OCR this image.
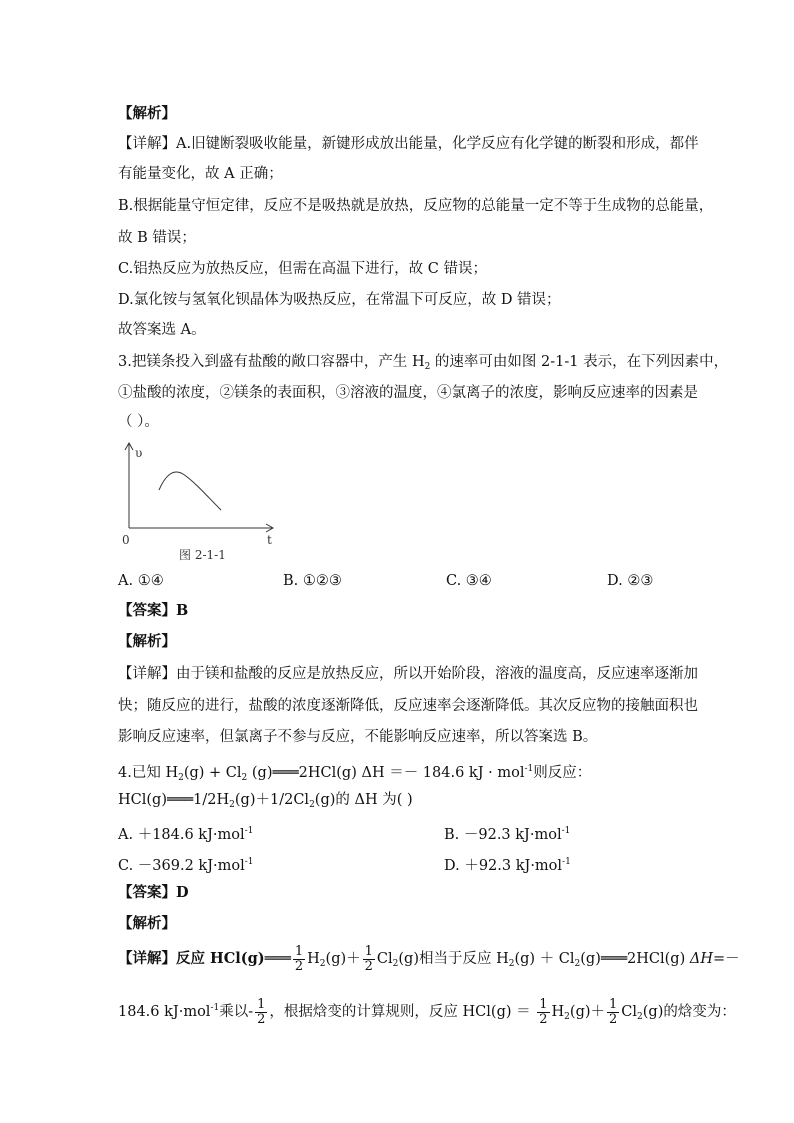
【解析】
【详解】A.旧键断裂吸收能量，新键形成放出能量，化学反应有化学键的断裂和形成，都伴
有能量变化，故 A 正确；
B.根据能量守恒定律，反应不是吸热就是放热，反应物的总能量一定不等于生成物的总能量，
故 B 错误；
C.铝热反应为放热反应，但需在高温下进行，故 C 错误；
D.氯化铵与氢氧化钡晶体为吸热反应，在常温下可反应，故 D 错误；
故答案选 A。
3.把镁条投入到盛有盐酸的敞口容器中，产生 $H_2$ 的速率可由如图 2-1-1 表示，在下列因素中，
①盐酸的浓度，②镁条的表面积，③溶液的温度，④氯离子的浓度，影响反应速率的因素是
（ ）。
υ
t
0
图 2-1-1
A. ①④	B. ①②③	C. ③④	D. ②③
【答案】B
【解析】
【详解】由于镁和盐酸的反应是放热反应，所以开始阶段，溶液的温度高，反应速率逐渐加
快；随反应的进行，盐酸的浓度逐渐降低，反应速率会逐渐降低。其次反应物的接触面积也
影响反应速率，但氯离子不参与反应，不能影响反应速率，所以答案选 B。
4.已知 $H_2(g) + Cl_2$ (g)═══2HCl(g) ΔH ＝－ 184.6 kJ · mol$^{-1}$则反应：
$HCl(g)═══1/2H_2(g)+1/2Cl_2(g)$的 ΔH 为( )
A. ＋184.6 kJ·mol$^{-1}$	B. －92.3 kJ·mol$^{-1}$
C. －369.2 kJ·mol$^{-1}$	D. ＋92.3 kJ·mol$^{-1}$
【答案】D
【解析】
【详解】反应 HCl(g)═══ $\frac{1}{2} H_2(g)+ \frac{1}{2} Cl_2(g)$相当于反应 $H_2(g)$ ＋ $Cl_2(g)═══2HCl(g)$ ΔH=－
184.6 kJ·mol$^{-1}$乘以- $\frac{1}{2}$ ，根据焓变的计算规则，反应 $HCl(g) = \frac{1}{2} H_2(g)+ \frac{1}{2} Cl_2(g)$的焓变为：
